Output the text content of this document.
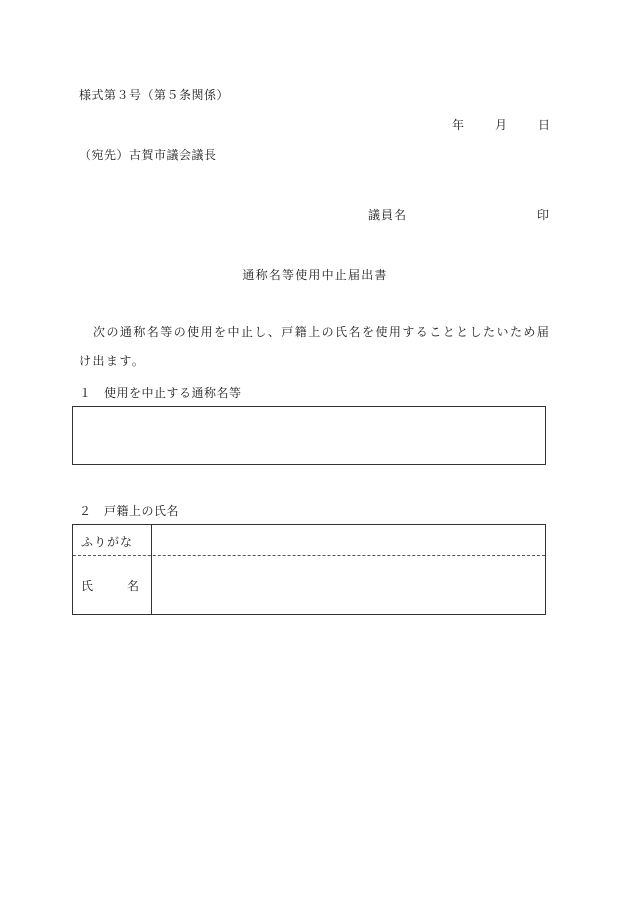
様式第３号（第５条関係）
年	月	日
（宛先）古賀市議会議長
議員名	印
通称名等使用中止届出書
次の通称名等の使用を中止し、戸籍上の氏名を使用することとしたいため届け出ます。
１　使用を中止する通称名等
２　戸籍上の氏名
ふりがな
氏	名
